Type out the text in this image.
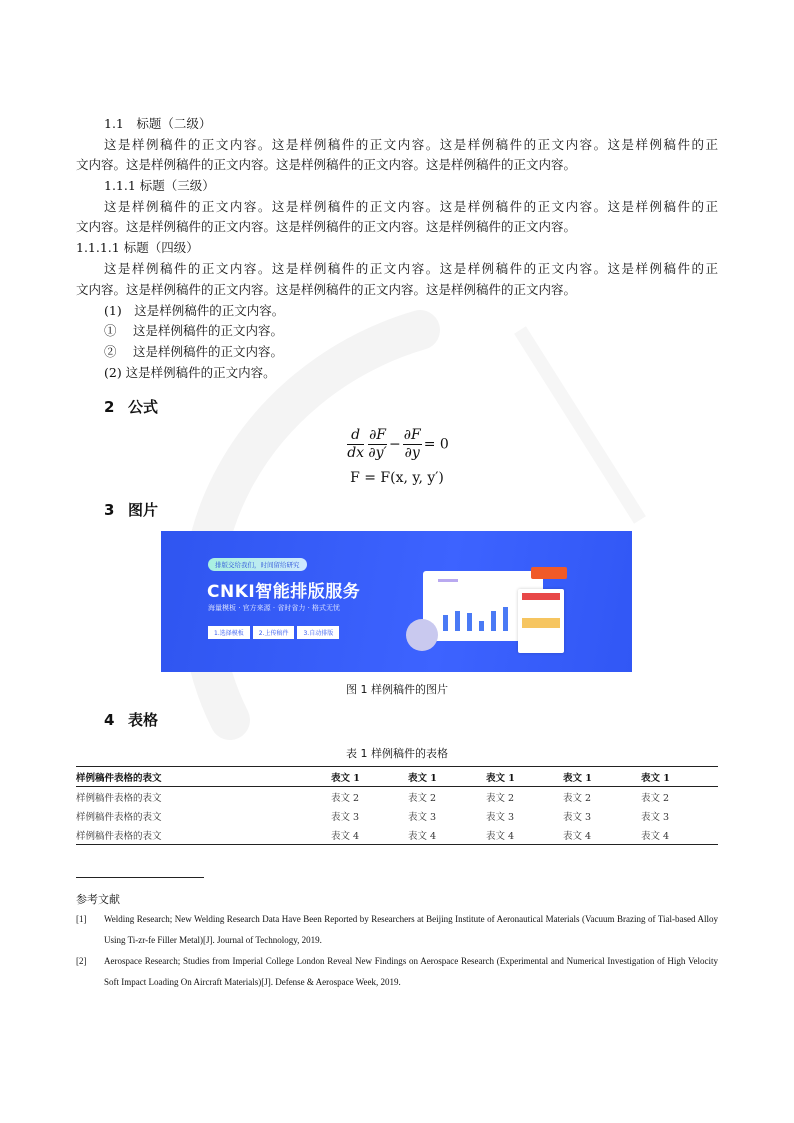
1.1　标题（二级）
这是样例稿件的正文内容。这是样例稿件的正文内容。这是样例稿件的正文内容。这是样例稿件的正
文内容。这是样例稿件的正文内容。这是样例稿件的正文内容。这是样例稿件的正文内容。
1.1.1 标题（三级）
这是样例稿件的正文内容。这是样例稿件的正文内容。这是样例稿件的正文内容。这是样例稿件的正
文内容。这是样例稿件的正文内容。这是样例稿件的正文内容。这是样例稿件的正文内容。
1.1.1.1 标题（四级）
这是样例稿件的正文内容。这是样例稿件的正文内容。这是样例稿件的正文内容。这是样例稿件的正
文内容。这是样例稿件的正文内容。这是样例稿件的正文内容。这是样例稿件的正文内容。
(1)　这是样例稿件的正文内容。
①　 这是样例稿件的正文内容。
②　 这是样例稿件的正文内容。
(2) 这是样例稿件的正文内容。
2 公式
$\frac{d}{dx} \frac{\partial F}{\partial y'} - \frac{\partial F}{\partial y} = 0$
F = F(x, y, y′)
3 图片
排版交给我们，时间留给研究
CNKI智能排版服务
海量模板 · 官方来源 · 省时省力 · 格式无忧
1.选择模板	2.上传稿件	3.自动排版
图 1 样例稿件的图片
4 表格
表 1 样例稿件的表格
样例稿件表格的表文	表文 1	表文 1	表文 1	表文 1	表文 1
样例稿件表格的表文	表文 2	表文 2	表文 2	表文 2	表文 2
样例稿件表格的表文	表文 3	表文 3	表文 3	表文 3	表文 3
样例稿件表格的表文	表文 4	表文 4	表文 4	表文 4	表文 4
参考文献
[1] Welding Research; New Welding Research Data Have Been Reported by Researchers at Beijing Institute of Aeronautical Materials (Vacuum Brazing of Tial-based Alloy Using Ti-zr-fe Filler Metal)[J]. Journal of Technology, 2019.
[2] Aerospace Research; Studies from Imperial College London Reveal New Findings on Aerospace Research (Experimental and Numerical Investigation of High Velocity Soft Impact Loading On Aircraft Materials)[J]. Defense & Aerospace Week, 2019.
